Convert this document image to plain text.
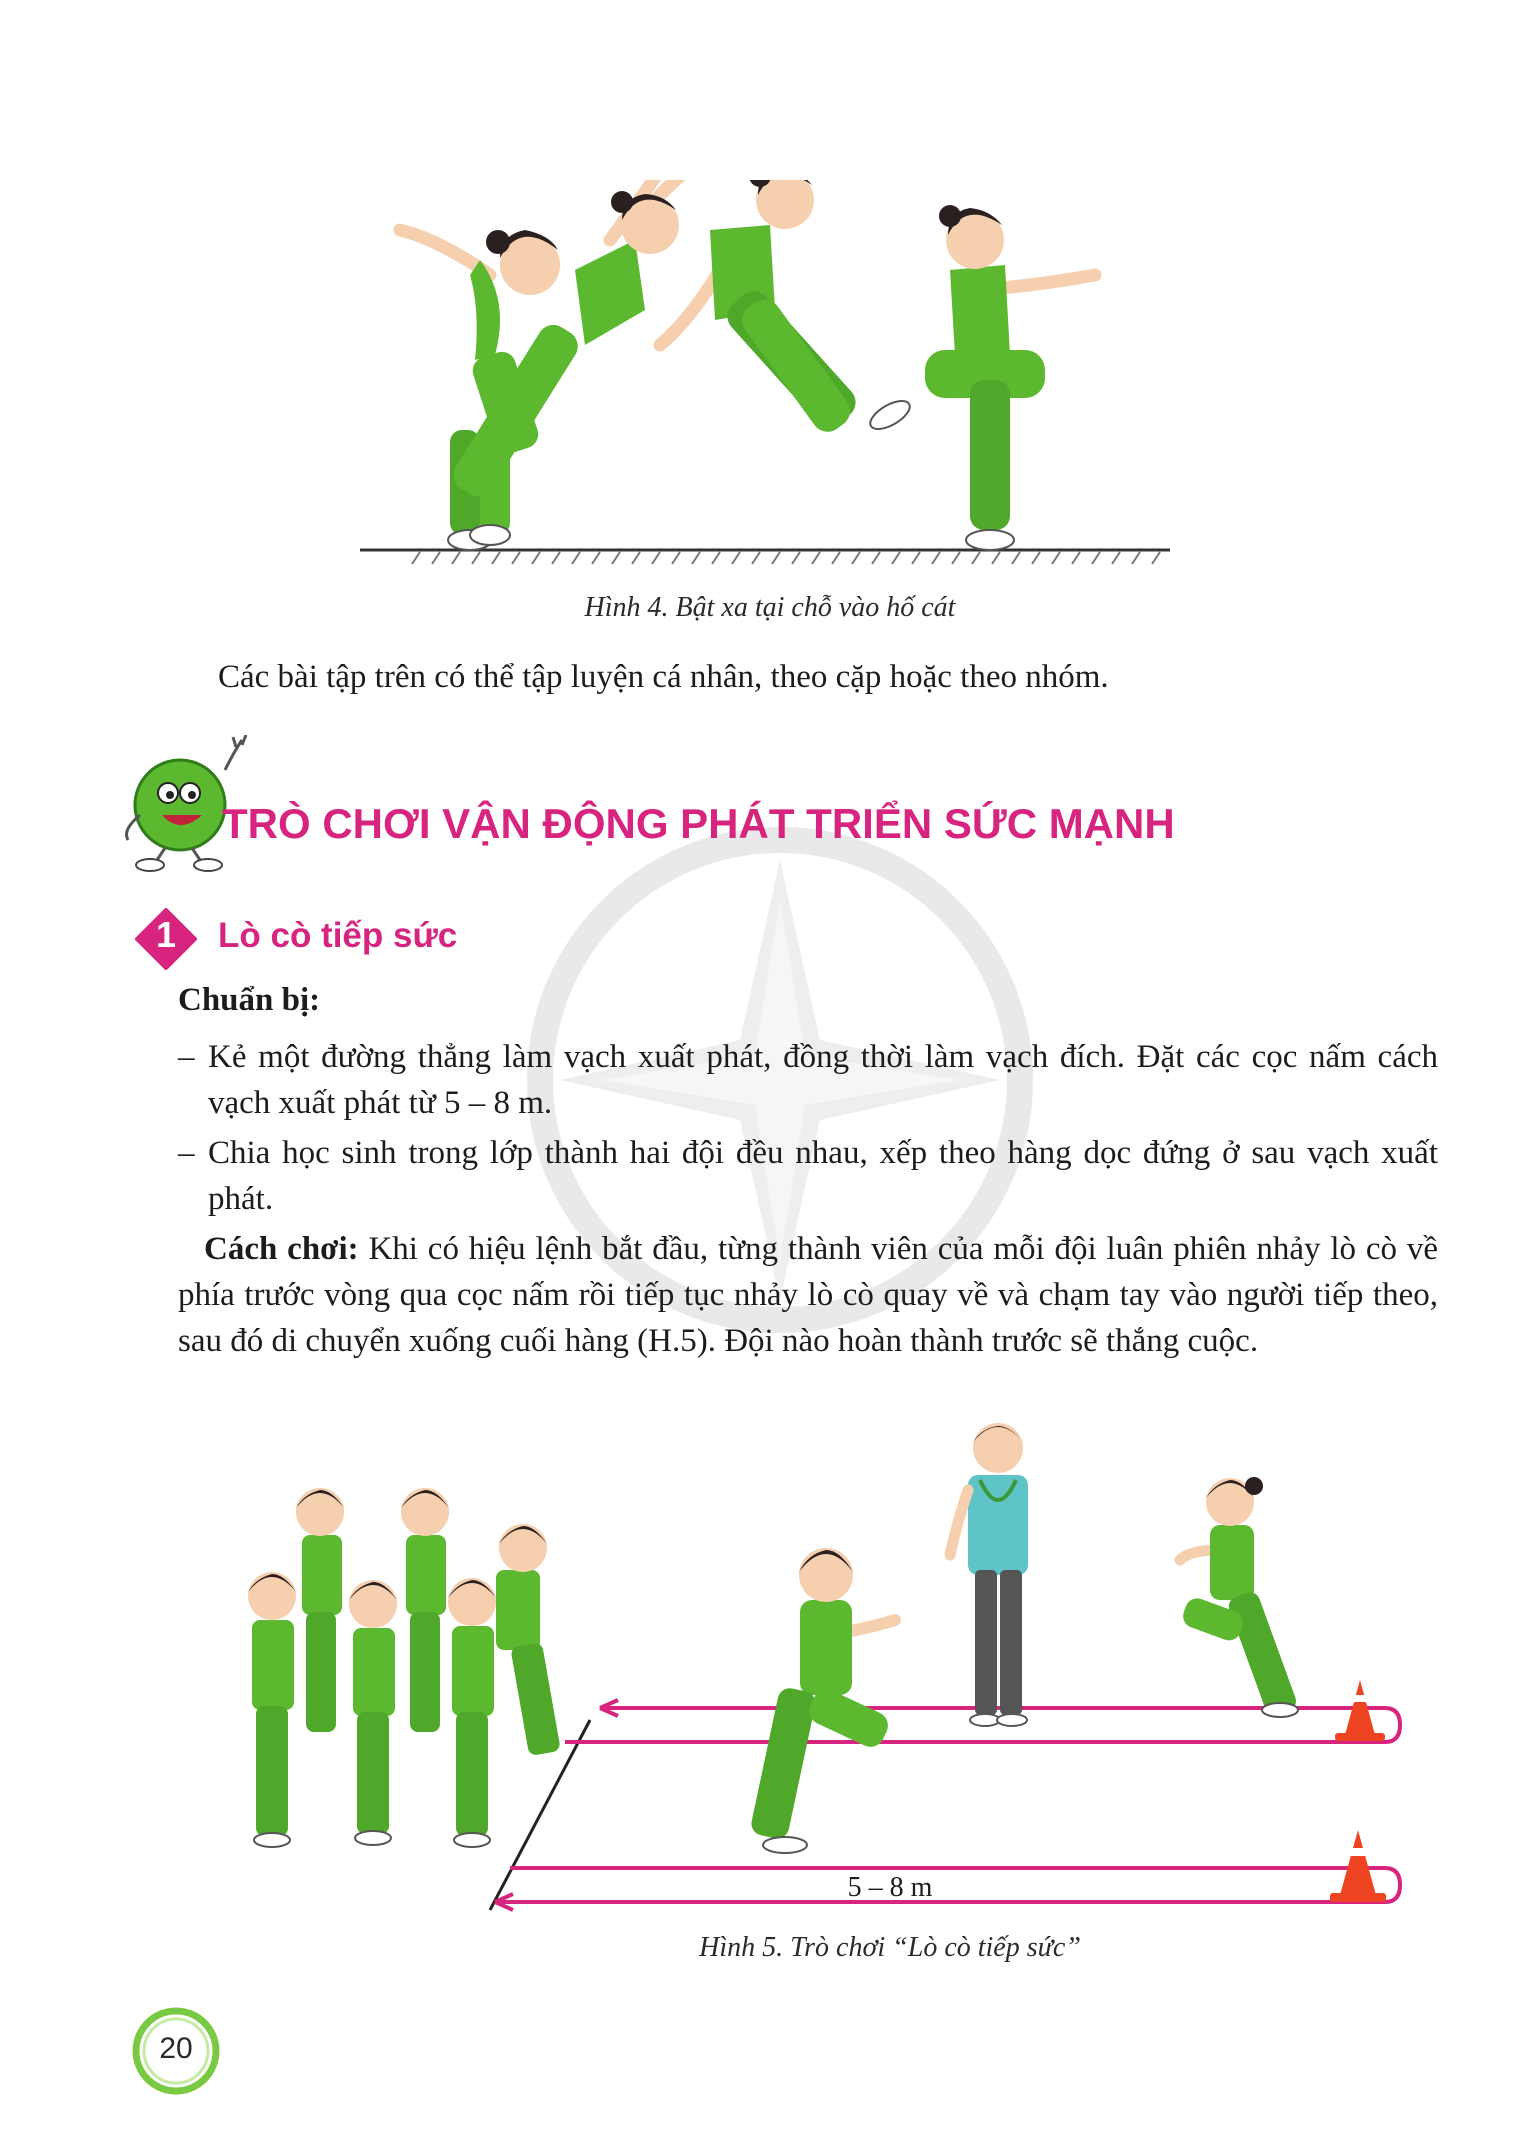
Hình 4. Bật xa tại chỗ vào hố cát
Các bài tập trên có thể tập luyện cá nhân, theo cặp hoặc theo nhóm.
TRÒ CHƠI VẬN ĐỘNG PHÁT TRIỂN SỨC MẠNH
1	Lò cò tiếp sức
Chuẩn bị:
– Kẻ một đường thẳng làm vạch xuất phát, đồng thời làm vạch đích. Đặt các cọc nấm cách vạch xuất phát từ 5 – 8 m.
– Chia học sinh trong lớp thành hai đội đều nhau, xếp theo hàng dọc đứng ở sau vạch xuất phát.
Cách chơi: Khi có hiệu lệnh bắt đầu, từng thành viên của mỗi đội luân phiên nhảy lò cò về phía trước vòng qua cọc nấm rồi tiếp tục nhảy lò cò quay về và chạm tay vào người tiếp theo, sau đó di chuyển xuống cuối hàng (H.5). Đội nào hoàn thành trước sẽ thắng cuộc.
5 – 8 m
Hình 5. Trò chơi “Lò cò tiếp sức”
20
